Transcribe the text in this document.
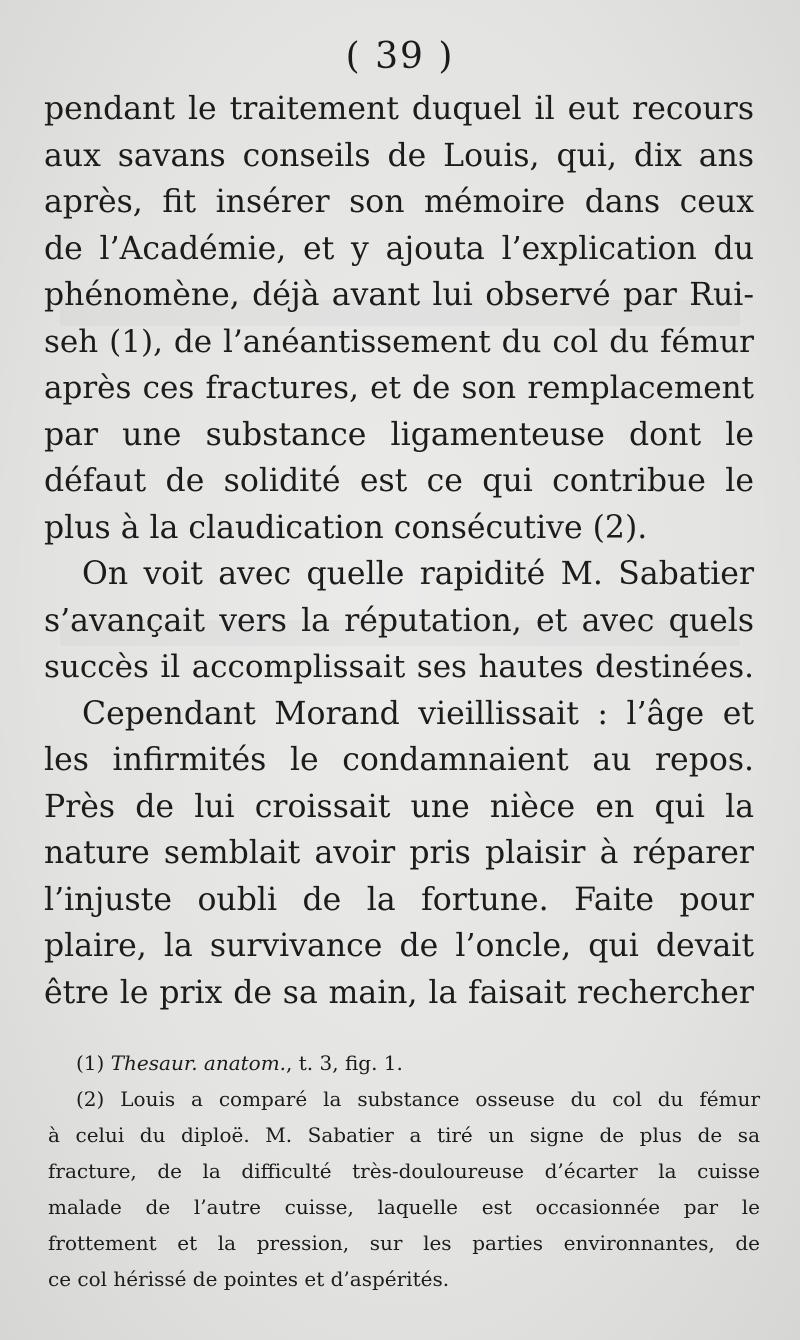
( 39 )
pendant le traitement duquel il eut recours
aux savans conseils de Louis, qui, dix ans
après, fit insérer son mémoire dans ceux
de l’Académie, et y ajouta l’explication du
phénomène, déjà avant lui observé par Rui-
seh (1), de l’anéantissement du col du fémur
après ces fractures, et de son remplacement
par une substance ligamenteuse dont le
défaut de solidité est ce qui contribue le
plus à la claudication consécutive (2).
On voit avec quelle rapidité M. Sabatier
s’avançait vers la réputation, et avec quels
succès il accomplissait ses hautes destinées.
Cependant Morand vieillissait : l’âge et
les infirmités le condamnaient au repos.
Près de lui croissait une nièce en qui la
nature semblait avoir pris plaisir à réparer
l’injuste oubli de la fortune. Faite pour
plaire, la survivance de l’oncle, qui devait
être le prix de sa main, la faisait rechercher
(1) Thesaur. anatom., t. 3, fig. 1.
(2) Louis a comparé la substance osseuse du col du fémur
à celui du diploë. M. Sabatier a tiré un signe de plus de sa
fracture, de la difficulté très-douloureuse d’écarter la cuisse
malade de l’autre cuisse, laquelle est occasionnée par le
frottement et la pression, sur les parties environnantes, de
ce col hérissé de pointes et d’aspérités.
